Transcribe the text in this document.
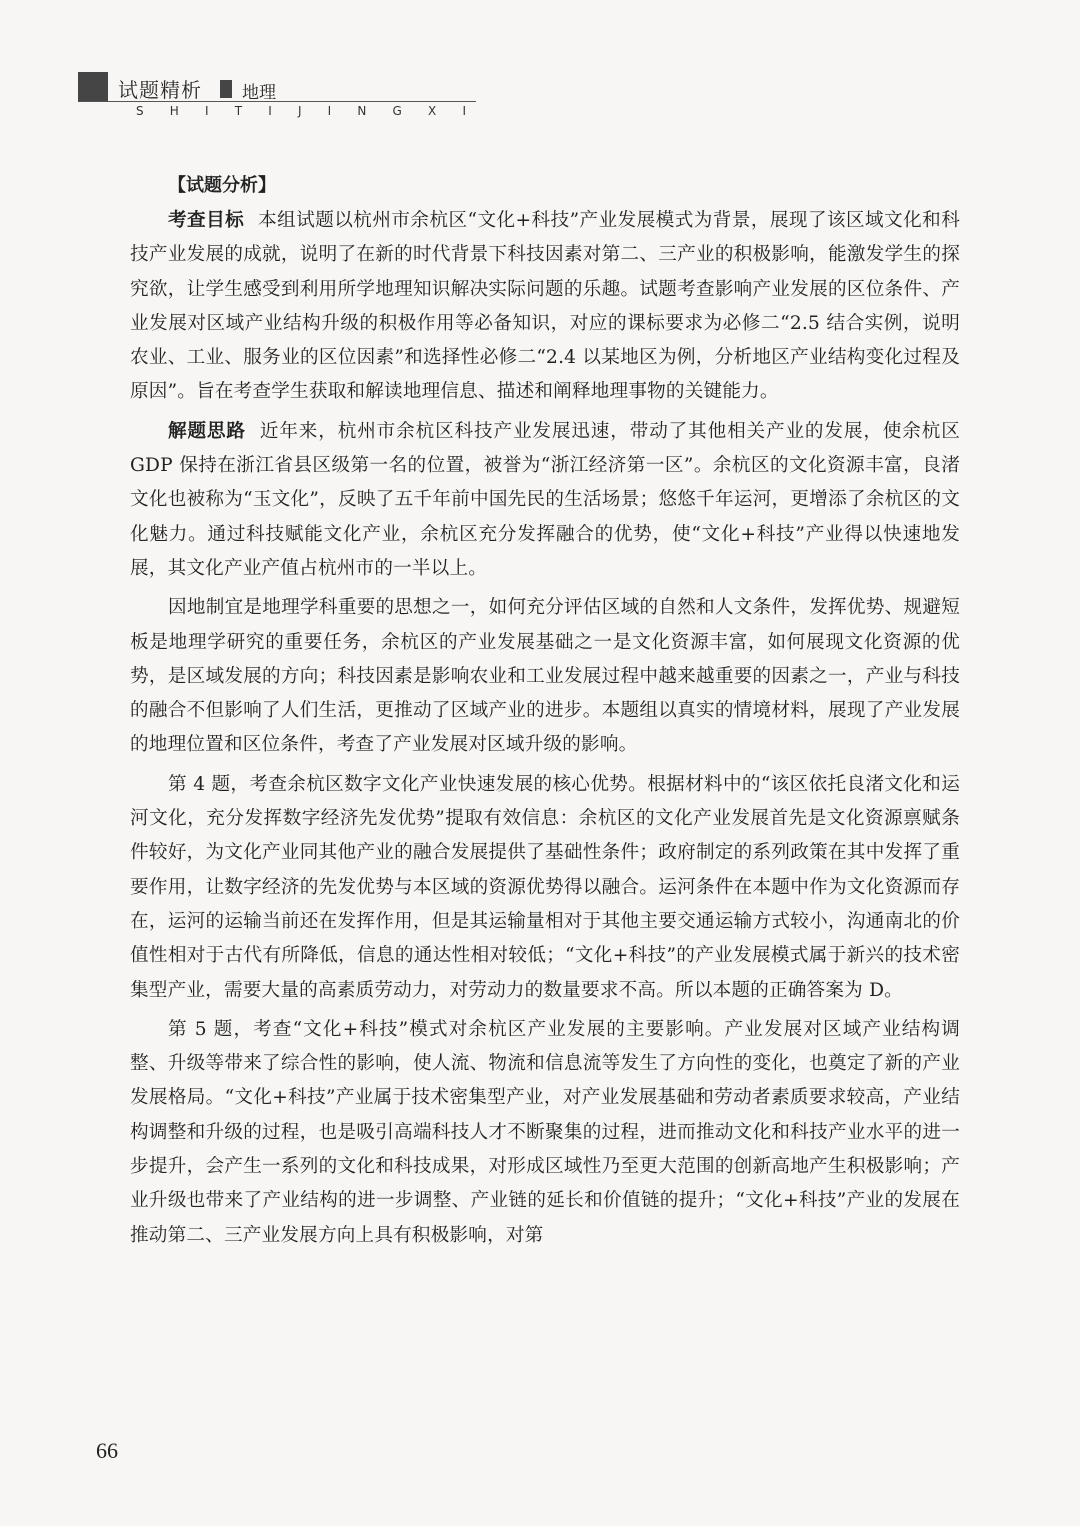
试题精析 地理
S H I T I J I N G X I
【试题分析】

考查目标 本组试题以杭州市余杭区“文化+科技”产业发展模式为背景，展现了该区域文化和科技产业发展的成就，说明了在新的时代背景下科技因素对第二、三产业的积极影响，能激发学生的探究欲，让学生感受到利用所学地理知识解决实际问题的乐趣。试题考查影响产业发展的区位条件、产业发展对区域产业结构升级的积极作用等必备知识，对应的课标要求为必修二“2.5 结合实例，说明农业、工业、服务业的区位因素”和选择性必修二“2.4 以某地区为例，分析地区产业结构变化过程及原因”。旨在考查学生获取和解读地理信息、描述和阐释地理事物的关键能力。

解题思路 近年来，杭州市余杭区科技产业发展迅速，带动了其他相关产业的发展，使余杭区 GDP 保持在浙江省县区级第一名的位置，被誉为“浙江经济第一区”。余杭区的文化资源丰富，良渚文化也被称为“玉文化”，反映了五千年前中国先民的生活场景；悠悠千年运河，更增添了余杭区的文化魅力。通过科技赋能文化产业，余杭区充分发挥融合的优势，使“文化+科技”产业得以快速地发展，其文化产业产值占杭州市的一半以上。

因地制宜是地理学科重要的思想之一，如何充分评估区域的自然和人文条件，发挥优势、规避短板是地理学研究的重要任务，余杭区的产业发展基础之一是文化资源丰富，如何展现文化资源的优势，是区域发展的方向；科技因素是影响农业和工业发展过程中越来越重要的因素之一，产业与科技的融合不但影响了人们生活，更推动了区域产业的进步。本题组以真实的情境材料，展现了产业发展的地理位置和区位条件，考查了产业发展对区域升级的影响。

第 4 题，考查余杭区数字文化产业快速发展的核心优势。根据材料中的“该区依托良渚文化和运河文化，充分发挥数字经济先发优势”提取有效信息：余杭区的文化产业发展首先是文化资源禀赋条件较好，为文化产业同其他产业的融合发展提供了基础性条件；政府制定的系列政策在其中发挥了重要作用，让数字经济的先发优势与本区域的资源优势得以融合。运河条件在本题中作为文化资源而存在，运河的运输当前还在发挥作用，但是其运输量相对于其他主要交通运输方式较小，沟通南北的价值性相对于古代有所降低，信息的通达性相对较低；“文化+科技”的产业发展模式属于新兴的技术密集型产业，需要大量的高素质劳动力，对劳动力的数量要求不高。所以本题的正确答案为 D。

第 5 题，考查“文化+科技”模式对余杭区产业发展的主要影响。产业发展对区域产业结构调整、升级等带来了综合性的影响，使人流、物流和信息流等发生了方向性的变化，也奠定了新的产业发展格局。“文化+科技”产业属于技术密集型产业，对产业发展基础和劳动者素质要求较高，产业结构调整和升级的过程，也是吸引高端科技人才不断聚集的过程，进而推动文化和科技产业水平的进一步提升，会产生一系列的文化和科技成果，对形成区域性乃至更大范围的创新高地产生积极影响；产业升级也带来了产业结构的进一步调整、产业链的延长和价值链的提升；“文化+科技”产业的发展在推动第二、三产业发展方向上具有积极影响，对第

66
